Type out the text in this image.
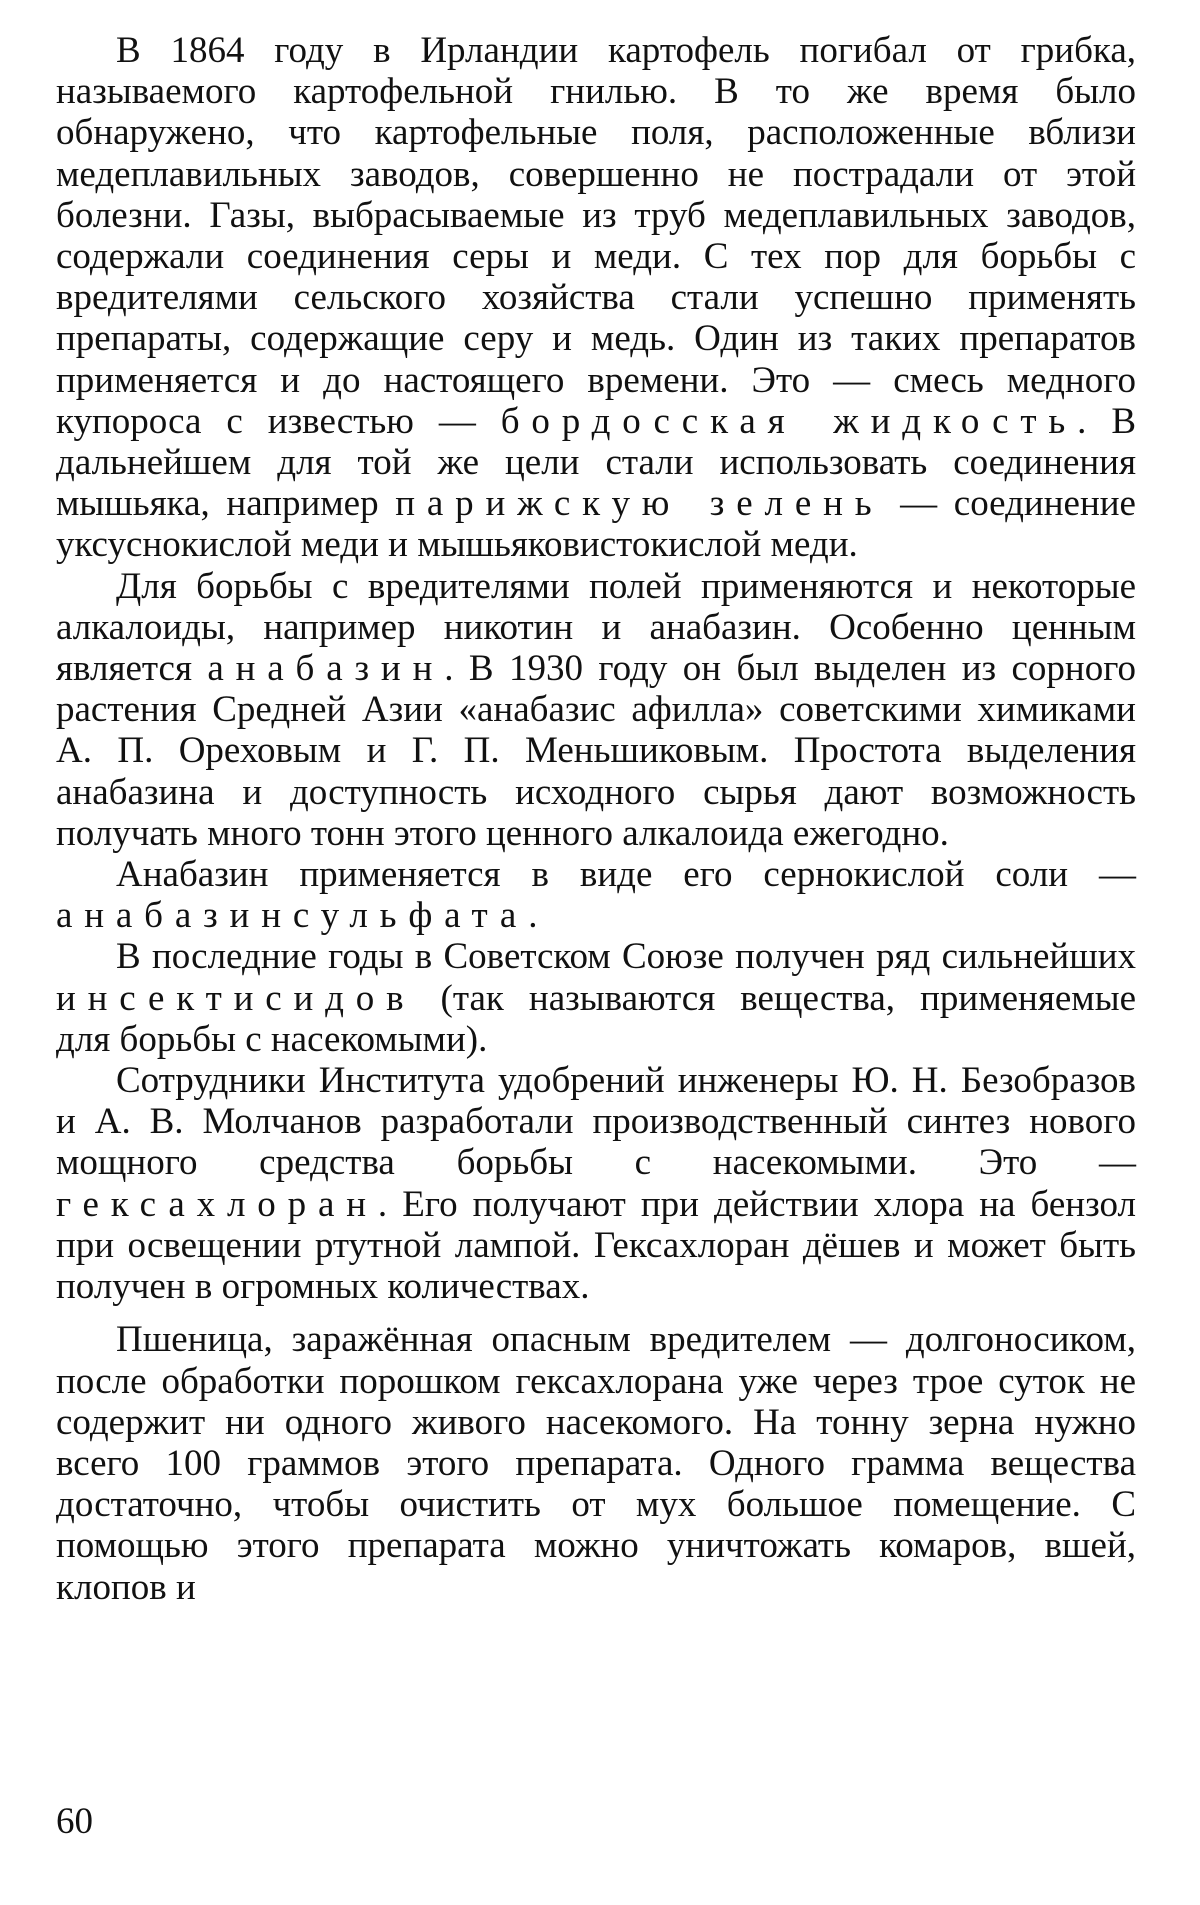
В 1864 году в Ирландии картофель погибал от грибка, называемого картофельной гнилью. В то же время было обнаружено, что картофельные поля, расположенные вблизи медеплавильных заводов, совершенно не пострадали от этой болезни. Газы, выбрасываемые из труб медеплавильных заводов, содержали соединения серы и меди. С тех пор для борьбы с вредителями сельского хозяйства стали успешно применять препараты, содержащие серу и медь. Один из таких препаратов применяется и до настоящего времени. Это — смесь медного купороса с известью — бордосская жидкость. В дальнейшем для той же цели стали использовать соединения мышьяка, например парижскую зелень — соединение уксуснокислой меди и мышьяковистокислой меди.

Для борьбы с вредителями полей применяются и некоторые алкалоиды, например никотин и анабазин. Особенно ценным является анабазин. В 1930 году он был выделен из сорного растения Средней Азии «анабазис афилла» советскими химиками А. П. Ореховым и Г. П. Меньшиковым. Простота выделения анабазина и доступность исходного сырья дают возможность получать много тонн этого ценного алкалоида ежегодно.

Анабазин применяется в виде его сернокислой соли — анабазинсульфата.

В последние годы в Советском Союзе получен ряд сильнейших инсектисидов (так называются вещества, применяемые для борьбы с насекомыми).

Сотрудники Института удобрений инженеры Ю. Н. Безобразов и А. В. Молчанов разработали производственный синтез нового мощного средства борьбы с насекомыми. Это — гексахлоран. Его получают при действии хлора на бензол при освещении ртутной лампой. Гексахлоран дёшев и может быть получен в огромных количествах.

Пшеница, заражённая опасным вредителем — долгоносиком, после обработки порошком гексахлорана уже через трое суток не содержит ни одного живого насекомого. На тонну зерна нужно всего 100 граммов этого препарата. Одного грамма вещества достаточно, чтобы очистить от мух большое помещение. С помощью этого препарата можно уничтожать комаров, вшей, клопов и

60
